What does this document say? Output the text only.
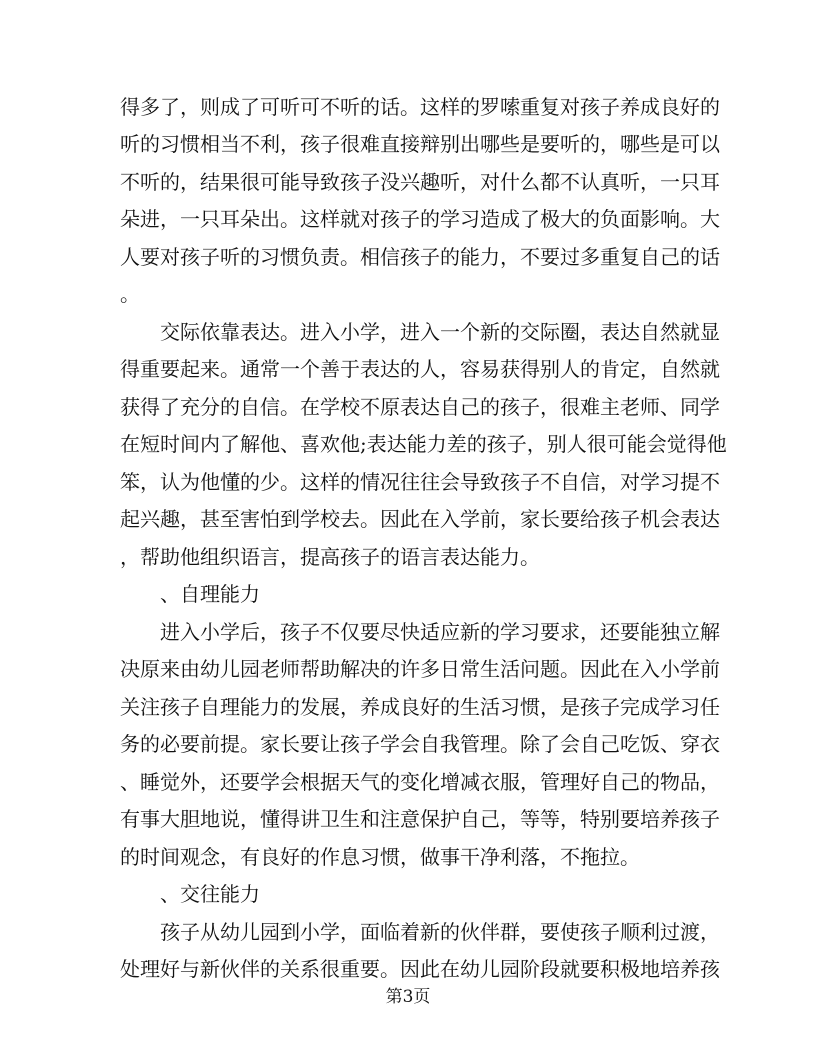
得多了，则成了可听可不听的话。这样的罗嗦重复对孩子养成良好的
听的习惯相当不利，孩子很难直接辩别出哪些是要听的，哪些是可以
不听的，结果很可能导致孩子没兴趣听，对什么都不认真听，一只耳
朵进，一只耳朵出。这样就对孩子的学习造成了极大的负面影响。大
人要对孩子听的习惯负责。相信孩子的能力，不要过多重复自己的话
。
　　交际依靠表达。进入小学，进入一个新的交际圈，表达自然就显
得重要起来。通常一个善于表达的人，容易获得别人的肯定，自然就
获得了充分的自信。在学校不原表达自己的孩子，很难主老师、同学
在短时间内了解他、喜欢他;表达能力差的孩子，别人很可能会觉得他
笨，认为他懂的少。这样的情况往往会导致孩子不自信，对学习提不
起兴趣，甚至害怕到学校去。因此在入学前，家长要给孩子机会表达
，帮助他组织语言，提高孩子的语言表达能力。
　　、自理能力
　　进入小学后，孩子不仅要尽快适应新的学习要求，还要能独立解
决原来由幼儿园老师帮助解决的许多日常生活问题。因此在入小学前
关注孩子自理能力的发展，养成良好的生活习惯，是孩子完成学习任
务的必要前提。家长要让孩子学会自我管理。除了会自己吃饭、穿衣
、睡觉外，还要学会根据天气的变化增减衣服，管理好自己的物品，
有事大胆地说，懂得讲卫生和注意保护自己，等等，特别要培养孩子
的时间观念，有良好的作息习惯，做事干净利落，不拖拉。
　　、交往能力
　　孩子从幼儿园到小学，面临着新的伙伴群，要使孩子顺利过渡，
处理好与新伙伴的关系很重要。因此在幼儿园阶段就要积极地培养孩
第3页
